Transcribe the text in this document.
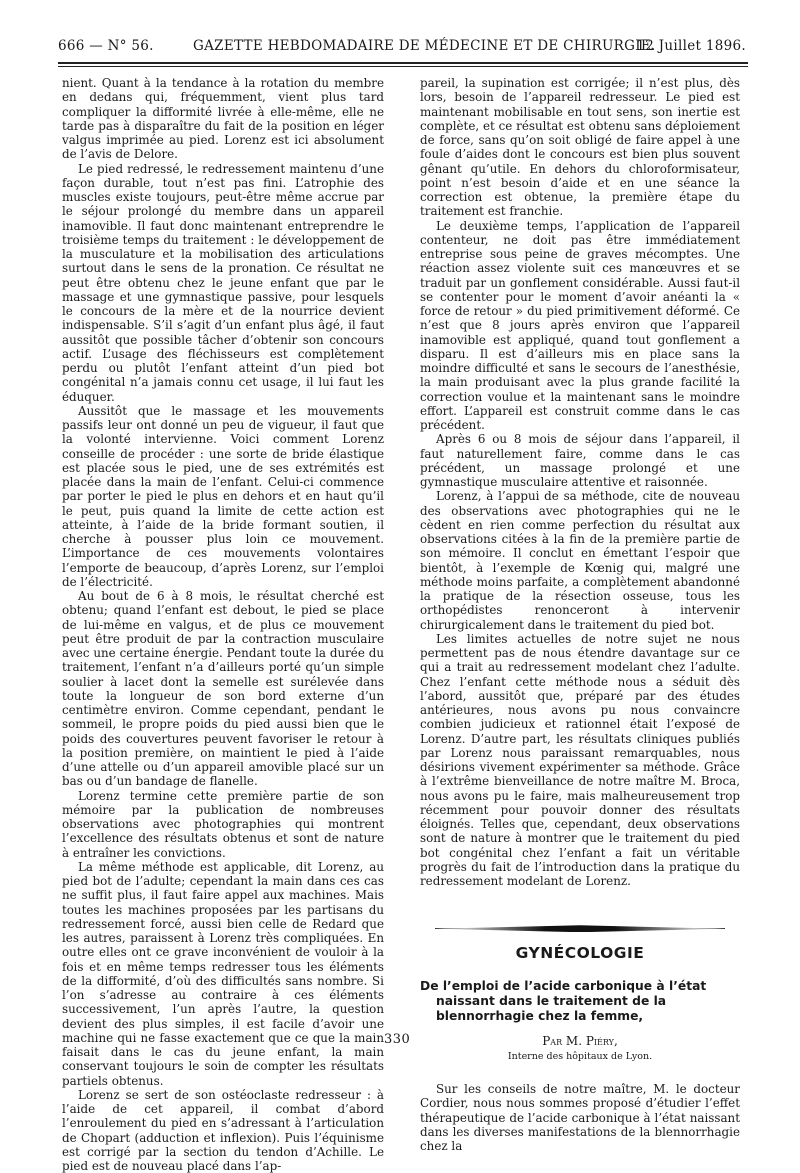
666 — N° 56.	GAZETTE HEBDOMADAIRE DE MÉDECINE ET DE CHIRURGIE.
12 Juillet 1896.

nient. Quant à la tendance à la rotation du membre en dedans qui, fréquemment, vient plus tard compliquer la difformité livrée à elle-même, elle ne tarde pas à disparaître du fait de la position en léger valgus imprimée au pied. Lorenz est ici absolument de l’avis de Delore.

Le pied redressé, le redressement maintenu d’une façon durable, tout n’est pas fini. L’atrophie des muscles existe toujours, peut-être même accrue par le séjour prolongé du membre dans un appareil inamovible. Il faut donc maintenant entreprendre le troisième temps du traitement : le développement de la musculature et la mobilisation des articulations surtout dans le sens de la pronation. Ce résultat ne peut être obtenu chez le jeune enfant que par le massage et une gymnastique passive, pour lesquels le concours de la mère et de la nourrice devient indispensable. S’il s’agit d’un enfant plus âgé, il faut aussitôt que possible tâcher d’obtenir son concours actif. L’usage des fléchisseurs est complètement perdu ou plutôt l’enfant atteint d’un pied bot congénital n’a jamais connu cet usage, il lui faut les éduquer.

Aussitôt que le massage et les mouvements passifs leur ont donné un peu de vigueur, il faut que la volonté intervienne. Voici comment Lorenz conseille de procéder : une sorte de bride élastique est placée sous le pied, une de ses extrémités est placée dans la main de l’enfant. Celui-ci commence par porter le pied le plus en dehors et en haut qu’il le peut, puis quand la limite de cette action est atteinte, à l’aide de la bride formant soutien, il cherche à pousser plus loin ce mouvement. L’importance de ces mouvements volontaires l’emporte de beaucoup, d’après Lorenz, sur l’emploi de l’électricité.

Au bout de 6 à 8 mois, le résultat cherché est obtenu; quand l’enfant est debout, le pied se place de lui-même en valgus, et de plus ce mouvement peut être produit de par la contraction musculaire avec une certaine énergie. Pendant toute la durée du traitement, l’enfant n’a d’ailleurs porté qu’un simple soulier à lacet dont la semelle est surélevée dans toute la longueur de son bord externe d’un centimètre environ. Comme cependant, pendant le sommeil, le propre poids du pied aussi bien que le poids des couvertures peuvent favoriser le retour à la position première, on maintient le pied à l’aide d’une attelle ou d’un appareil amovible placé sur un bas ou d’un bandage de flanelle.

Lorenz termine cette première partie de son mémoire par la publication de nombreuses observations avec photographies qui montrent l’excellence des résultats obtenus et sont de nature à entraîner les convictions.

La même méthode est applicable, dit Lorenz, au pied bot de l’adulte; cependant la main dans ces cas ne suffit plus, il faut faire appel aux machines. Mais toutes les machines proposées par les partisans du redressement forcé, aussi bien celle de Redard que les autres, paraissent à Lorenz très compliquées. En outre elles ont ce grave inconvénient de vouloir à la fois et en même temps redresser tous les éléments de la difformité, d’où des difficultés sans nombre. Si l’on s’adresse au contraire à ces éléments successivement, l’un après l’autre, la question devient des plus simples, il est facile d’avoir une machine qui ne fasse exactement que ce que la main faisait dans le cas du jeune enfant, la main conservant toujours le soin de compter les résultats partiels obtenus.

Lorenz se sert de son ostéoclaste redresseur : à l’aide de cet appareil, il combat d’abord l’enroulement du pied en s’adressant à l’articulation de Chopart (adduction et inflexion). Puis l’équinisme est corrigé par la section du tendon d’Achille. Le pied est de nouveau placé dans l’ap-

pareil, la supination est corrigée; il n’est plus, dès lors, besoin de l’appareil redresseur. Le pied est maintenant mobilisable en tout sens, son inertie est complète, et ce résultat est obtenu sans déploiement de force, sans qu’on soit obligé de faire appel à une foule d’aides dont le concours est bien plus souvent gênant qu’utile. En dehors du chloroformisateur, point n’est besoin d’aide et en une séance la correction est obtenue, la première étape du traitement est franchie.

Le deuxième temps, l’application de l’appareil contenteur, ne doit pas être immédiatement entreprise sous peine de graves mécomptes. Une réaction assez violente suit ces manœuvres et se traduit par un gonflement considérable. Aussi faut-il se contenter pour le moment d’avoir anéanti la « force de retour » du pied primitivement déformé. Ce n’est que 8 jours après environ que l’appareil inamovible est appliqué, quand tout gonflement a disparu. Il est d’ailleurs mis en place sans la moindre difficulté et sans le secours de l’anesthésie, la main produisant avec la plus grande facilité la correction voulue et la maintenant sans le moindre effort. L’appareil est construit comme dans le cas précédent.

Après 6 ou 8 mois de séjour dans l’appareil, il faut naturellement faire, comme dans le cas précédent, un massage prolongé et une gymnastique musculaire attentive et raisonnée.

Lorenz, à l’appui de sa méthode, cite de nouveau des observations avec photographies qui ne le cèdent en rien comme perfection du résultat aux observations citées à la fin de la première partie de son mémoire. Il conclut en émettant l’espoir que bientôt, à l’exemple de Kœnig qui, malgré une méthode moins parfaite, a complètement abandonné la pratique de la résection osseuse, tous les orthopédistes renonceront à intervenir chirurgicalement dans le traitement du pied bot.

Les limites actuelles de notre sujet ne nous permettent pas de nous étendre davantage sur ce qui a trait au redressement modelant chez l’adulte. Chez l’enfant cette méthode nous a séduit dès l’abord, aussitôt que, préparé par des études antérieures, nous avons pu nous convaincre combien judicieux et rationnel était l’exposé de Lorenz. D’autre part, les résultats cliniques publiés par Lorenz nous paraissant remarquables, nous désirions vivement expérimenter sa méthode. Grâce à l’extrême bienveillance de notre maître M. Broca, nous avons pu le faire, mais malheureusement trop récemment pour pouvoir donner des résultats éloignés. Telles que, cependant, deux observations sont de nature à montrer que le traitement du pied bot congénital chez l’enfant a fait un véritable progrès du fait de l’introduction dans la pratique du redressement modelant de Lorenz.

GYNÉCOLOGIE
De l’emploi de l’acide carbonique à l’état
naissant dans le traitement de la blennorrhagie chez la femme,
Par M. Piéry,
Interne des hôpitaux de Lyon.

Sur les conseils de notre maître, M. le docteur Cordier, nous nous sommes proposé d’étudier l’effet thérapeutique de l’acide carbonique à l’état naissant dans les diverses manifestations de la blennorrhagie chez la

330
